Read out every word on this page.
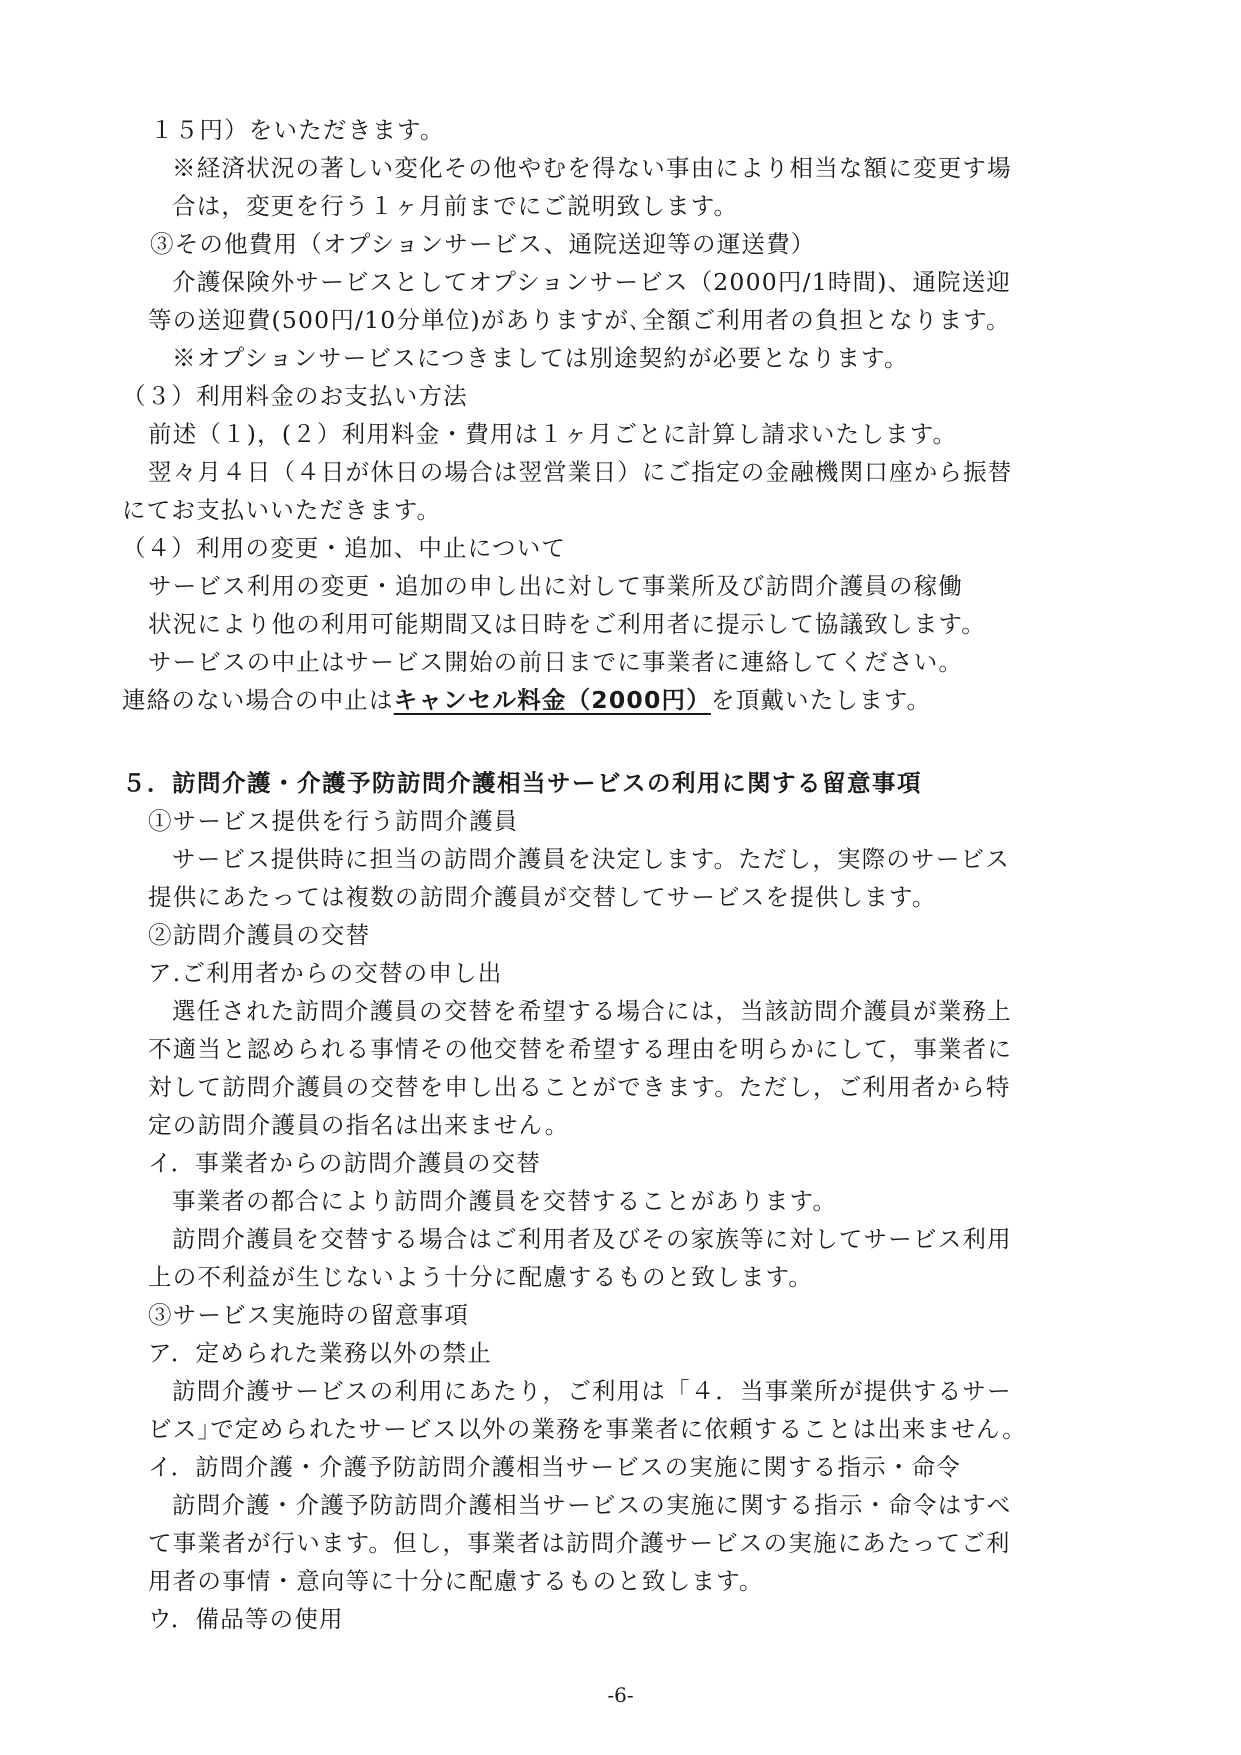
１５円）をいただきます。
※経済状況の著しい変化その他やむを得ない事由により相当な額に変更す場
合は，変更を行う１ヶ月前までにご説明致します。
③その他費用（オプションサービス、通院送迎等の運送費）
介護保険外サービスとしてオプションサービス（2000円/1時間)、通院送迎
等の送迎費(500円/10分単位)がありますが､全額ご利用者の負担となります。
※オプションサービスにつきましては別途契約が必要となります。
（３）利用料金のお支払い方法
前述（１)，(２）利用料金・費用は１ヶ月ごとに計算し請求いたします。
翌々月４日（４日が休日の場合は翌営業日）にご指定の金融機関口座から振替
にてお支払いいただきます。
（４）利用の変更・追加、中止について
サービス利用の変更・追加の申し出に対して事業所及び訪問介護員の稼働
状況により他の利用可能期間又は日時をご利用者に提示して協議致します。
サービスの中止はサービス開始の前日までに事業者に連絡してください。
連絡のない場合の中止はキャンセル料金（2000円）を頂戴いたします。
５．訪問介護・介護予防訪問介護相当サービスの利用に関する留意事項
①サービス提供を行う訪問介護員
サービス提供時に担当の訪問介護員を決定します。ただし，実際のサービス
提供にあたっては複数の訪問介護員が交替してサービスを提供します。
②訪問介護員の交替
ア.ご利用者からの交替の申し出
選任された訪問介護員の交替を希望する場合には，当該訪問介護員が業務上
不適当と認められる事情その他交替を希望する理由を明らかにして，事業者に
対して訪問介護員の交替を申し出ることができます。ただし，ご利用者から特
定の訪問介護員の指名は出来ません。
イ．事業者からの訪問介護員の交替
事業者の都合により訪問介護員を交替することがあります。
訪問介護員を交替する場合はご利用者及びその家族等に対してサービス利用
上の不利益が生じないよう十分に配慮するものと致します。
③サービス実施時の留意事項
ア．定められた業務以外の禁止
訪問介護サービスの利用にあたり，ご利用は「４．当事業所が提供するサー
ビス｣で定められたサービス以外の業務を事業者に依頼することは出来ません。
イ．訪問介護・介護予防訪問介護相当サービスの実施に関する指示・命令
訪問介護・介護予防訪問介護相当サービスの実施に関する指示・命令はすべ
て事業者が行います。但し，事業者は訪問介護サービスの実施にあたってご利
用者の事情・意向等に十分に配慮するものと致します。
ウ．備品等の使用
-6-
